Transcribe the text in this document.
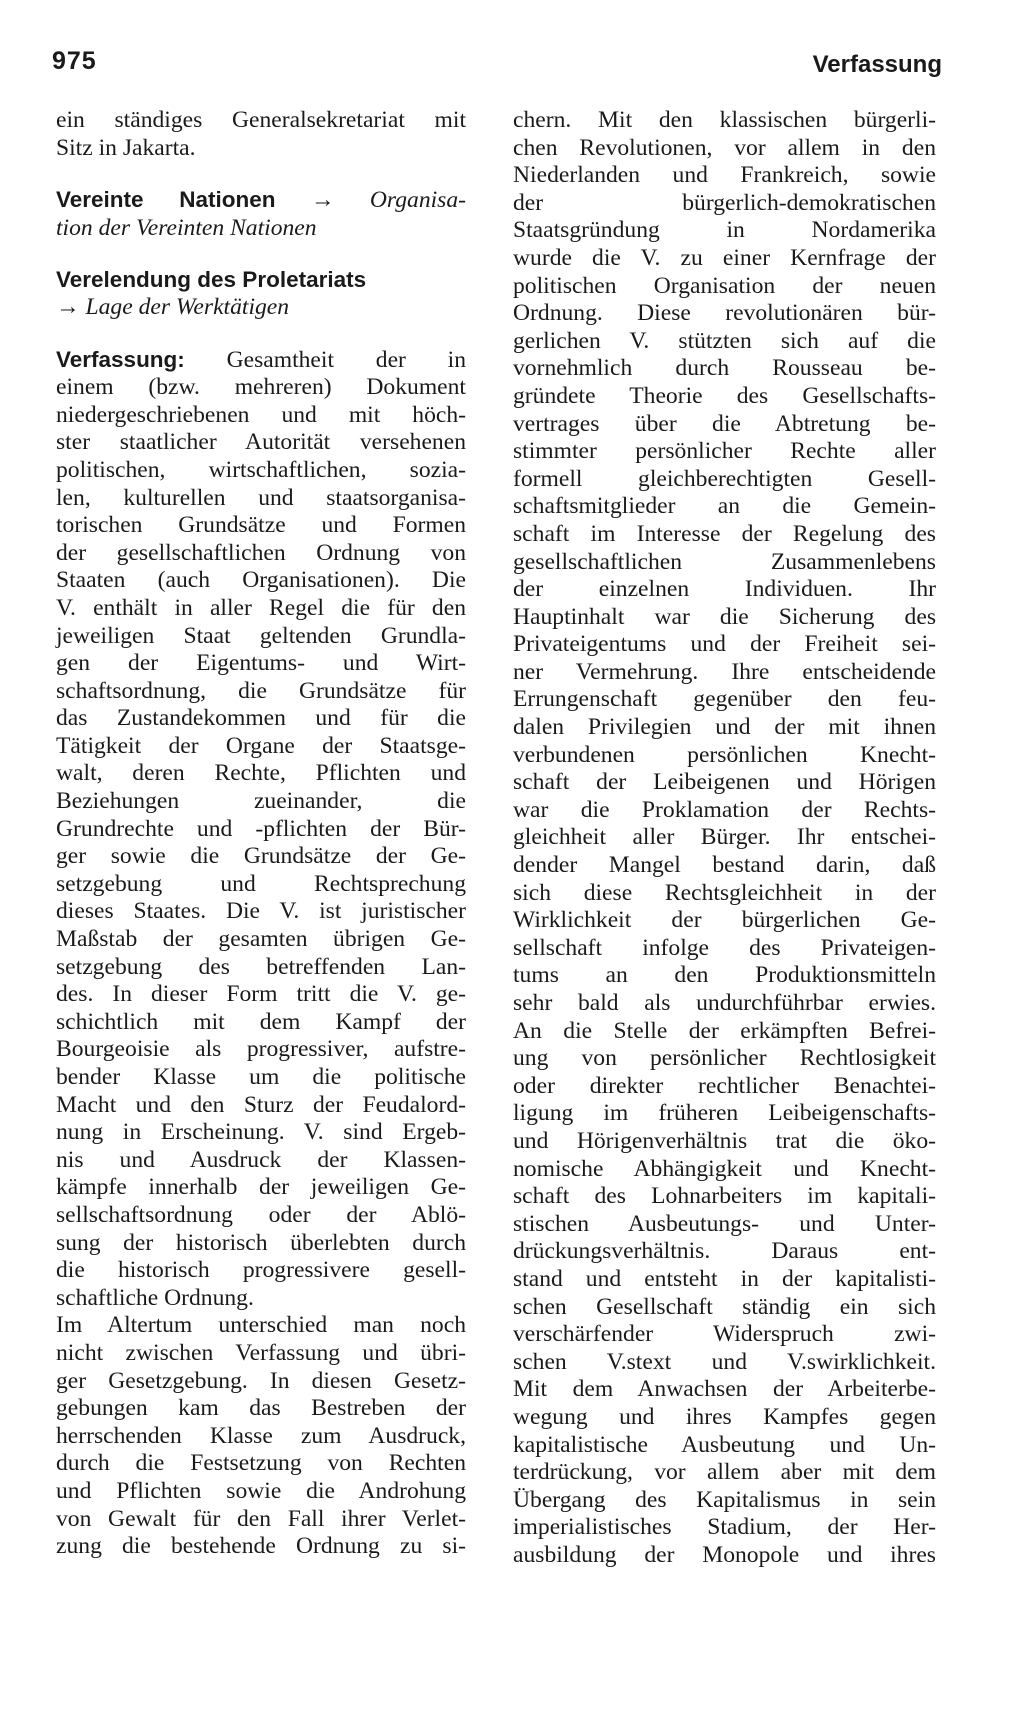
975	Verfassung
ein ständiges Generalsekretariat mit
Sitz in Jakarta.
Vereinte Nationen → Organisa-
tion der Vereinten Nationen
Verelendung des Proletariats
→ Lage der Werktätigen
Verfassung: Gesamtheit der in
einem (bzw. mehreren) Dokument
niedergeschriebenen und mit höch-
ster staatlicher Autorität versehenen
politischen, wirtschaftlichen, sozia-
len, kulturellen und staatsorganisa-
torischen Grundsätze und Formen
der gesellschaftlichen Ordnung von
Staaten (auch Organisationen). Die
V. enthält in aller Regel die für den
jeweiligen Staat geltenden Grundla-
gen der Eigentums- und Wirt-
schaftsordnung, die Grundsätze für
das Zustandekommen und für die
Tätigkeit der Organe der Staatsge-
walt, deren Rechte, Pflichten und
Beziehungen zueinander, die
Grundrechte und -pflichten der Bür-
ger sowie die Grundsätze der Ge-
setzgebung und Rechtsprechung
dieses Staates. Die V. ist juristischer
Maßstab der gesamten übrigen Ge-
setzgebung des betreffenden Lan-
des. In dieser Form tritt die V. ge-
schichtlich mit dem Kampf der
Bourgeoisie als progressiver, aufstre-
bender Klasse um die politische
Macht und den Sturz der Feudalord-
nung in Erscheinung. V. sind Ergeb-
nis und Ausdruck der Klassen-
kämpfe innerhalb der jeweiligen Ge-
sellschaftsordnung oder der Ablö-
sung der historisch überlebten durch
die historisch progressivere gesell-
schaftliche Ordnung.
Im Altertum unterschied man noch
nicht zwischen Verfassung und übri-
ger Gesetzgebung. In diesen Gesetz-
gebungen kam das Bestreben der
herrschenden Klasse zum Ausdruck,
durch die Festsetzung von Rechten
und Pflichten sowie die Androhung
von Gewalt für den Fall ihrer Verlet-
zung die bestehende Ordnung zu si-
chern. Mit den klassischen bürgerli-
chen Revolutionen, vor allem in den
Niederlanden und Frankreich, sowie
der bürgerlich-demokratischen
Staatsgründung in Nordamerika
wurde die V. zu einer Kernfrage der
politischen Organisation der neuen
Ordnung. Diese revolutionären bür-
gerlichen V. stützten sich auf die
vornehmlich durch Rousseau be-
gründete Theorie des Gesellschafts-
vertrages über die Abtretung be-
stimmter persönlicher Rechte aller
formell gleichberechtigten Gesell-
schaftsmitglieder an die Gemein-
schaft im Interesse der Regelung des
gesellschaftlichen Zusammenlebens
der einzelnen Individuen. Ihr
Hauptinhalt war die Sicherung des
Privateigentums und der Freiheit sei-
ner Vermehrung. Ihre entscheidende
Errungenschaft gegenüber den feu-
dalen Privilegien und der mit ihnen
verbundenen persönlichen Knecht-
schaft der Leibeigenen und Hörigen
war die Proklamation der Rechts-
gleichheit aller Bürger. Ihr entschei-
dender Mangel bestand darin, daß
sich diese Rechtsgleichheit in der
Wirklichkeit der bürgerlichen Ge-
sellschaft infolge des Privateigen-
tums an den Produktionsmitteln
sehr bald als undurchführbar erwies.
An die Stelle der erkämpften Befrei-
ung von persönlicher Rechtlosigkeit
oder direkter rechtlicher Benachtei-
ligung im früheren Leibeigenschafts-
und Hörigenverhältnis trat die öko-
nomische Abhängigkeit und Knecht-
schaft des Lohnarbeiters im kapitali-
stischen Ausbeutungs- und Unter-
drückungsverhältnis. Daraus ent-
stand und entsteht in der kapitalisti-
schen Gesellschaft ständig ein sich
verschärfender Widerspruch zwi-
schen V.stext und V.swirklichkeit.
Mit dem Anwachsen der Arbeiterbe-
wegung und ihres Kampfes gegen
kapitalistische Ausbeutung und Un-
terdrückung, vor allem aber mit dem
Übergang des Kapitalismus in sein
imperialistisches Stadium, der Her-
ausbildung der Monopole und ihres
